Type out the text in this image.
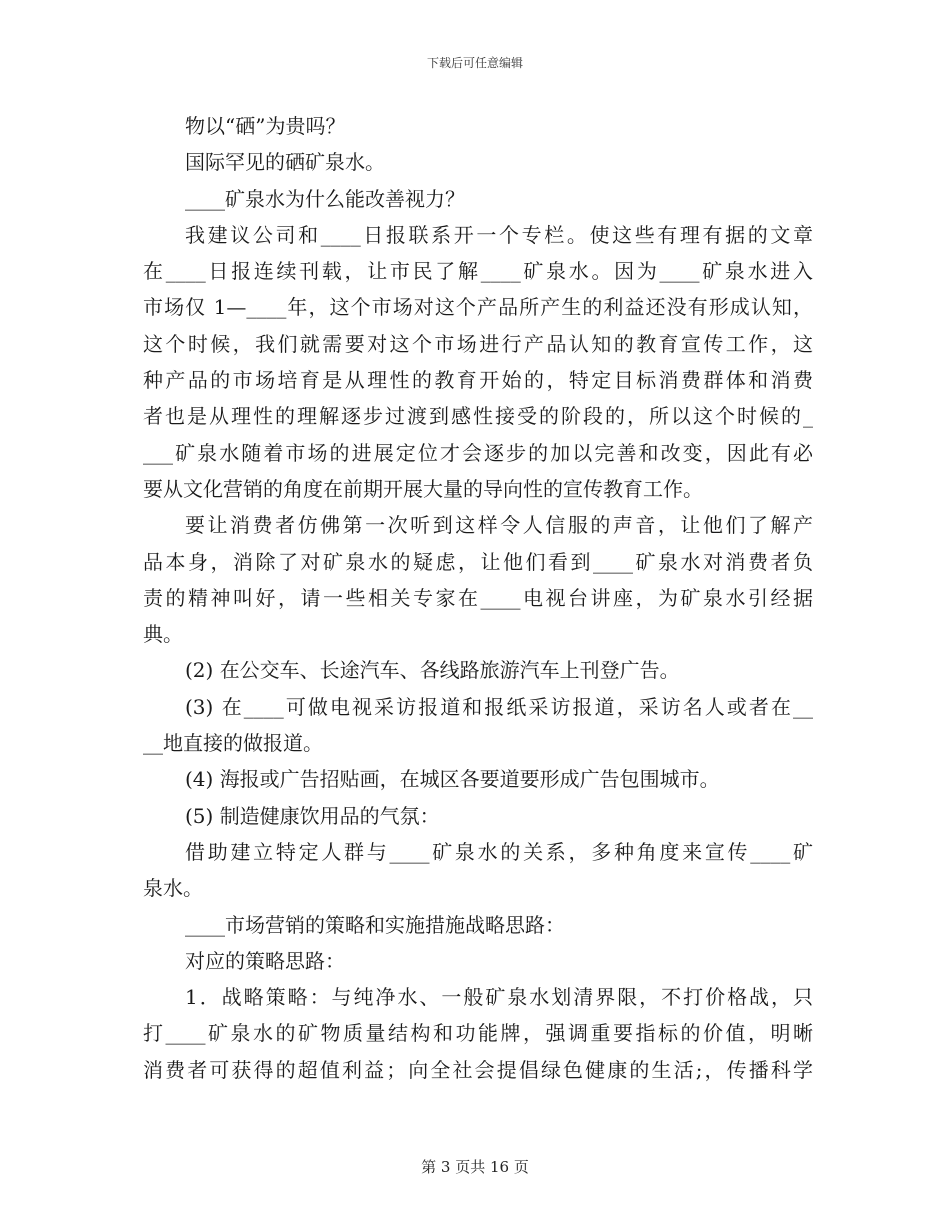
下载后可任意编辑
物以“硒”为贵吗？
国际罕见的硒矿泉水。
____矿泉水为什么能改善视力？
我建议公司和____日报联系开一个专栏。使这些有理有据的文章
在____日报连续刊载，让市民了解____矿泉水。因为____矿泉水进入
市场仅 1—____年，这个市场对这个产品所产生的利益还没有形成认知，
这个时候，我们就需要对这个市场进行产品认知的教育宣传工作，这
种产品的市场培育是从理性的教育开始的，特定目标消费群体和消费
者也是从理性的理解逐步过渡到感性接受的阶段的，所以这个时候的_
___矿泉水随着市场的进展定位才会逐步的加以完善和改变，因此有必
要从文化营销的角度在前期开展大量的导向性的宣传教育工作。
要让消费者仿佛第一次听到这样令人信服的声音，让他们了解产
品本身，消除了对矿泉水的疑虑，让他们看到____矿泉水对消费者负
责的精神叫好，请一些相关专家在____电视台讲座，为矿泉水引经据
典。
(2) 在公交车、长途汽车、各线路旅游汽车上刊登广告。
(3) 在____可做电视采访报道和报纸采访报道，采访名人或者在__
__地直接的做报道。
(4) 海报或广告招贴画，在城区各要道要形成广告包围城市。
(5) 制造健康饮用品的气氛：
借助建立特定人群与____矿泉水的关系，多种角度来宣传____矿
泉水。
____市场营销的策略和实施措施战略思路：
对应的策略思路：
1．战略策略：与纯净水、一般矿泉水划清界限，不打价格战，只
打____矿泉水的矿物质量结构和功能牌，强调重要指标的价值，明晰
消费者可获得的超值利益；向全社会提倡绿色健康的生活;，传播科学
第 3 页共 16 页
